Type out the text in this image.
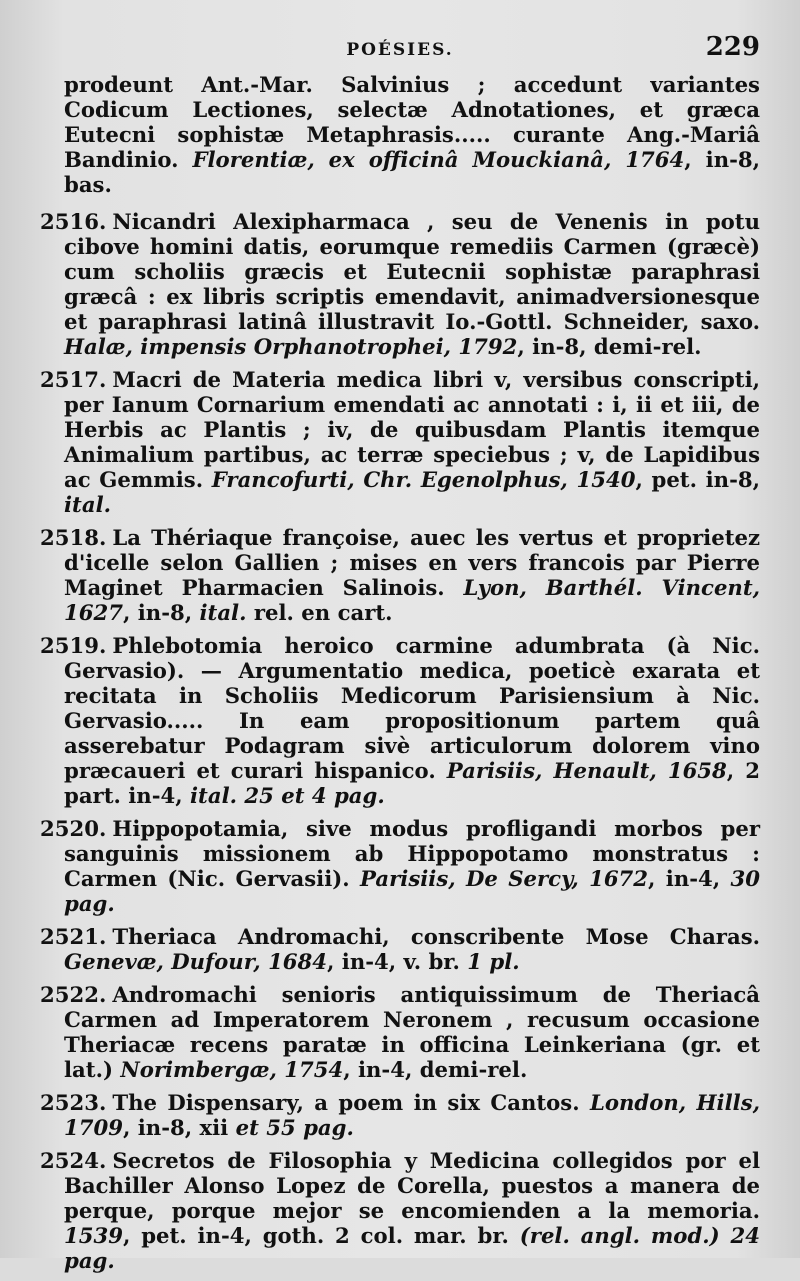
POÉSIES.	229

prodeunt Ant.-Mar. Salvinius ; accedunt variantes Codicum Lectiones, selectæ Adnotationes, et græca Eutecni sophistæ Metaphrasis..... curante Ang.-Mariâ Bandinio. Florentiæ, ex officinâ Mouckianâ, 1764, in-8, bas.

2516. Nicandri Alexipharmaca , seu de Venenis in potu cibove homini datis, eorumque remediis Carmen (græcè) cum scholiis græcis et Eutecnii sophistæ paraphrasi græcâ : ex libris scriptis emendavit, animadversionesque et paraphrasi latinâ illustravit Io.-Gottl. Schneider, saxo. Halæ, impensis Orphanotrophei, 1792, in-8, demi-rel.

2517. Macri de Materia medica libri v, versibus conscripti, per Ianum Cornarium emendati ac annotati : i, ii et iii, de Herbis ac Plantis ; iv, de quibusdam Plantis itemque Animalium partibus, ac terræ speciebus ; v, de Lapidibus ac Gemmis. Francofurti, Chr. Egenolphus, 1540, pet. in-8, ital.

2518. La Thériaque françoise, auec les vertus et proprietez d'icelle selon Gallien ; mises en vers francois par Pierre Maginet Pharmacien Salinois. Lyon, Barthél. Vincent, 1627, in-8, ital. rel. en cart.

2519. Phlebotomia heroico carmine adumbrata (à Nic. Gervasio). — Argumentatio medica, poeticè exarata et recitata in Scholiis Medicorum Parisiensium à Nic. Gervasio..... In eam propositionum partem quâ asserebatur Podagram sivè articulorum dolorem vino præcaueri et curari hispanico. Parisiis, Henault, 1658, 2 part. in-4, ital. 25 et 4 pag.

2520. Hippopotamia, sive modus profligandi morbos per sanguinis missionem ab Hippopotamo monstratus : Carmen (Nic. Gervasii). Parisiis, De Sercy, 1672, in-4, 30 pag.

2521. Theriaca Andromachi, conscribente Mose Charas. Genevæ, Dufour, 1684, in-4, v. br. 1 pl.

2522. Andromachi senioris antiquissimum de Theriacâ Carmen ad Imperatorem Neronem , recusum occasione Theriacæ recens paratæ in officina Leinkeriana (gr. et lat.) Norimbergæ, 1754, in-4, demi-rel.

2523. The Dispensary, a poem in six Cantos. London, Hills, 1709, in-8, xii et 55 pag.

2524. Secretos de Filosophia y Medicina collegidos por el Bachiller Alonso Lopez de Corella, puestos a manera de perque, porque mejor se encomienden a la memoria. 1539, pet. in-4, goth. 2 col. mar. br. (rel. angl. mod.) 24 pag.
